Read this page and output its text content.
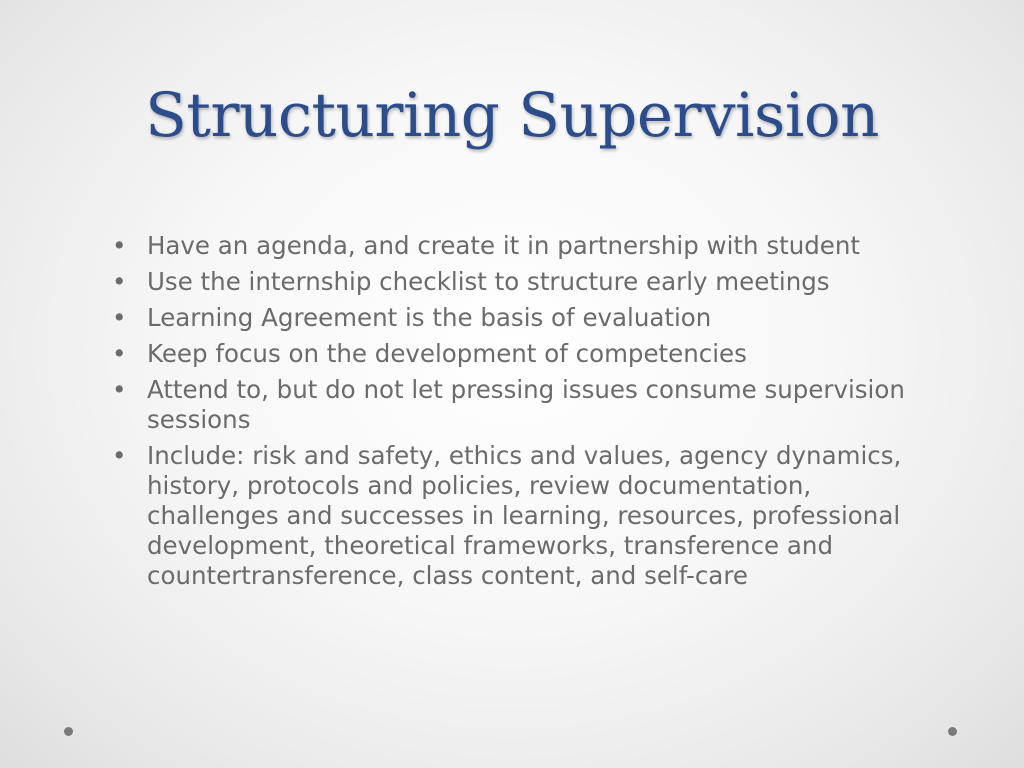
Structuring Supervision
• Have an agenda, and create it in partnership with student
• Use the internship checklist to structure early meetings
• Learning Agreement is the basis of evaluation
• Keep focus on the development of competencies
• Attend to, but do not let pressing issues consume supervision sessions
• Include: risk and safety, ethics and values, agency dynamics, history, protocols and policies, review documentation, challenges and successes in learning, resources, professional development, theoretical frameworks, transference and countertransference, class content, and self-care
